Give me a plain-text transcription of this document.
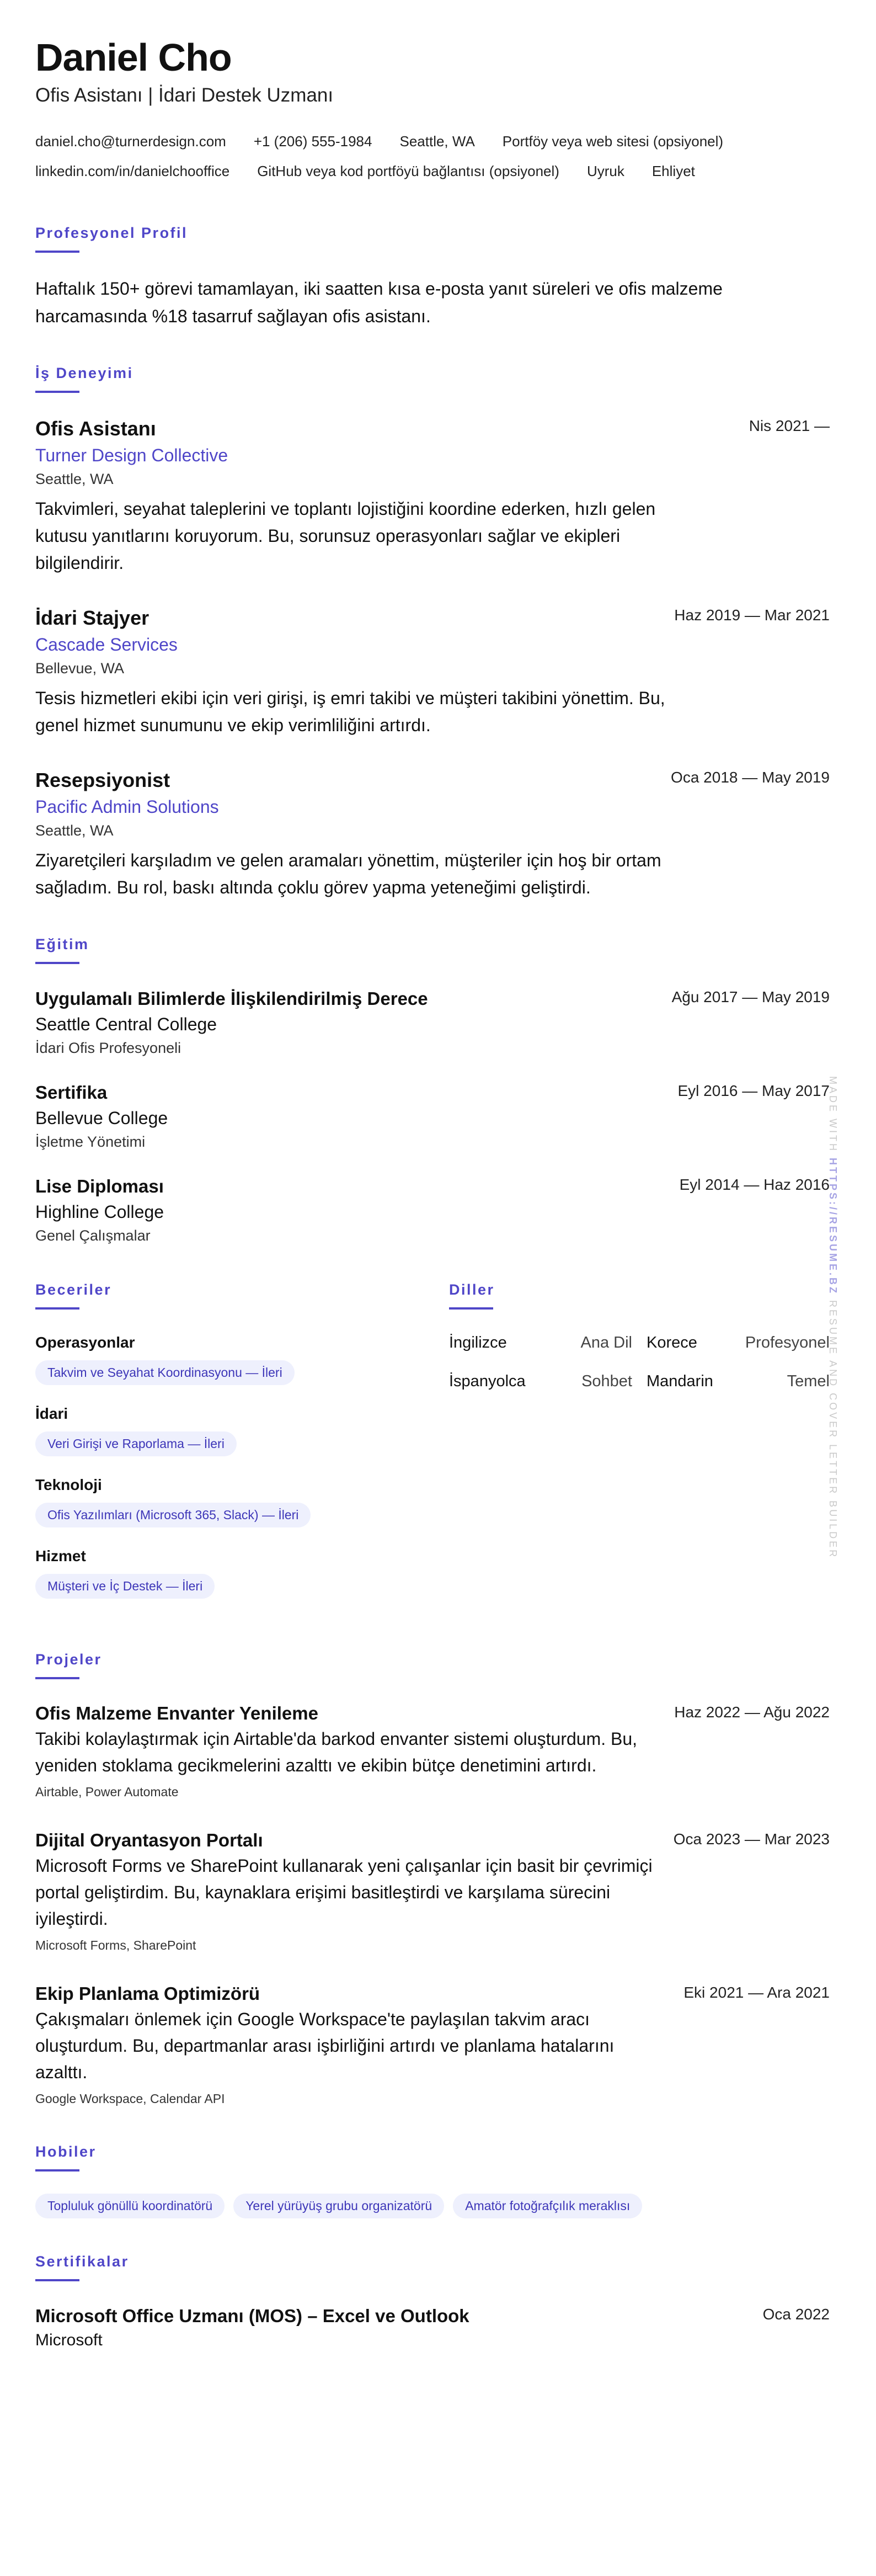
Daniel Cho
Ofis Asistanı | İdari Destek Uzmanı
daniel.cho@turnerdesign.com +1 (206) 555-1984 Seattle, WA Portföy veya web sitesi (opsiyonel)
linkedin.com/in/danielchooffice GitHub veya kod portföyü bağlantısı (opsiyonel) Uyruk Ehliyet
Profesyonel Profil

Haftalık 150+ görevi tamamlayan, iki saatten kısa e-posta yanıt süreleri ve ofis malzeme harcamasında %18 tasarruf sağlayan ofis asistanı.

İş Deneyimi
Ofis Asistanı
Turner Design Collective
Seattle, WA
Takvimleri, seyahat taleplerini ve toplantı lojistiğini koordine ederken, hızlı gelen kutusu yanıtlarını koruyorum. Bu, sorunsuz operasyonları sağlar ve ekipleri bilgilendirir.
Nis 2021 —
İdari Stajyer
Cascade Services
Bellevue, WA
Tesis hizmetleri ekibi için veri girişi, iş emri takibi ve müşteri takibini yönettim. Bu, genel hizmet sunumunu ve ekip verimliliğini artırdı.
Haz 2019 — Mar 2021
Resepsiyonist
Pacific Admin Solutions
Seattle, WA
Ziyaretçileri karşıladım ve gelen aramaları yönettim, müşteriler için hoş bir ortam sağladım. Bu rol, baskı altında çoklu görev yapma yeteneğimi geliştirdi.
Oca 2018 — May 2019
Eğitim
Uygulamalı Bilimlerde İlişkilendirilmiş Derece
Seattle Central College
İdari Ofis Profesyoneli
Ağu 2017 — May 2019
Sertifika
Bellevue College
İşletme Yönetimi
Eyl 2016 — May 2017
Lise Diploması
Highline College
Genel Çalışmalar
Eyl 2014 — Haz 2016
Beceriler
Operasyonlar
Takvim ve Seyahat Koordinasyonu — İleri
İdari
Veri Girişi ve Raporlama — İleri
Teknoloji
Ofis Yazılımları (Microsoft 365, Slack) — İleri
Hizmet
Müşteri ve İç Destek — İleri
Diller
İngilizce	Ana Dil Korece	Profesyonel
İspanyolca	Sohbet Mandarin	Temel
Projeler
Ofis Malzeme Envanter Yenileme
Takibi kolaylaştırmak için Airtable'da barkod envanter sistemi oluşturdum. Bu, yeniden stoklama gecikmelerini azalttı ve ekibin bütçe denetimini artırdı.
Airtable, Power Automate
Haz 2022 — Ağu 2022
Dijital Oryantasyon Portalı
Microsoft Forms ve SharePoint kullanarak yeni çalışanlar için basit bir çevrimiçi portal geliştirdim. Bu, kaynaklara erişimi basitleştirdi ve karşılama sürecini iyileştirdi.
Microsoft Forms, SharePoint
Oca 2023 — Mar 2023
Ekip Planlama Optimizörü
Çakışmaları önlemek için Google Workspace'te paylaşılan takvim aracı oluşturdum. Bu, departmanlar arası işbirliğini artırdı ve planlama hatalarını azalttı.
Google Workspace, Calendar API
Eki 2021 — Ara 2021
Hobiler
Topluluk gönüllü koordinatörü	Yerel yürüyüş grubu organizatörü	Amatör fotoğrafçılık meraklısı
Sertifikalar
Microsoft Office Uzmanı (MOS) – Excel ve Outlook
Microsoft
Oca 2022
MADE WITH HTTPS://RESUME.BZ RESUME AND COVER LETTER BUILDER
